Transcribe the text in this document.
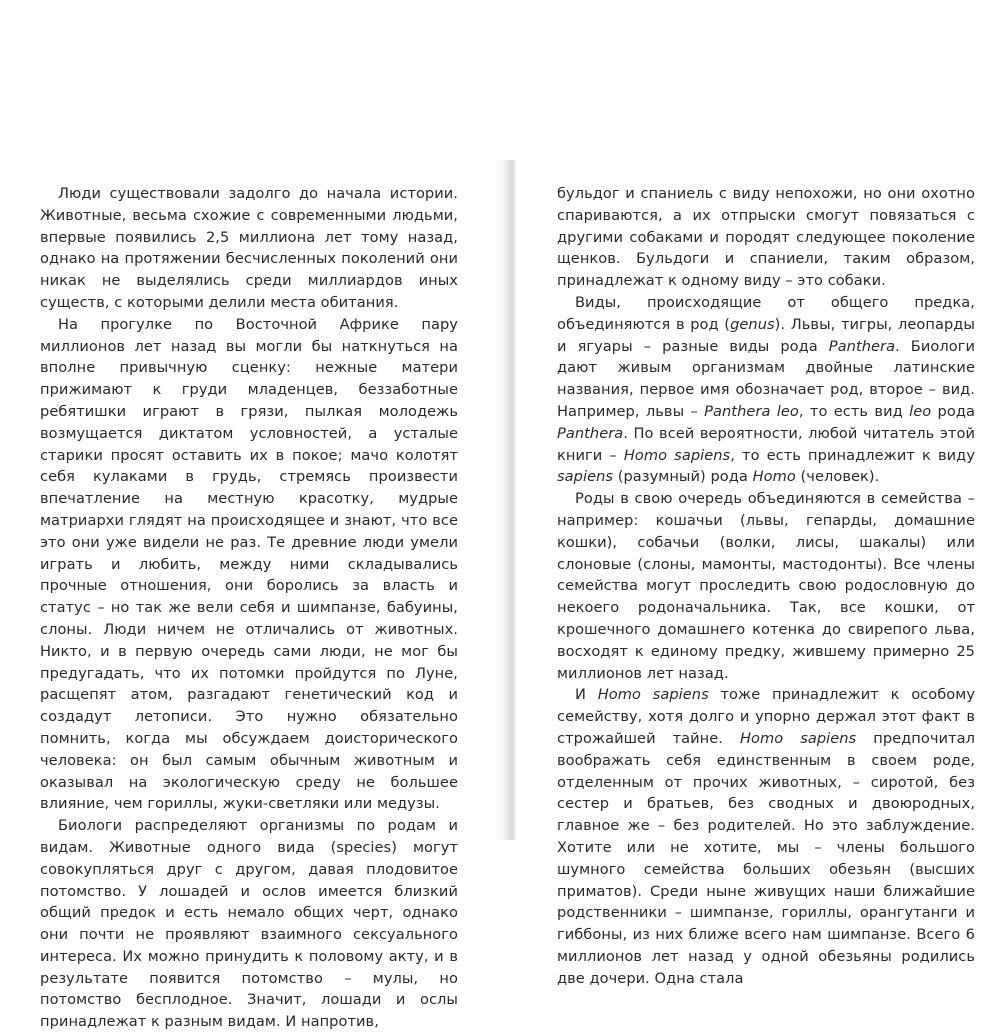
Люди существовали задолго до начала истории. Животные, весьма схожие с современными людьми, впервые появились 2,5 миллиона лет тому назад, однако на протяжении бесчисленных поколений они никак не выделялись среди миллиардов иных существ, с которыми делили места обитания.

На прогулке по Восточной Африке пару миллионов лет назад вы могли бы наткнуться на вполне привычную сценку: нежные матери прижимают к груди младенцев, беззаботные ребятишки играют в грязи, пылкая молодежь возмущается диктатом условностей, а усталые старики просят оставить их в покое; мачо колотят себя кулаками в грудь, стремясь произвести впечатление на местную красотку, мудрые матриархи глядят на происходящее и знают, что все это они уже видели не раз. Те древние люди умели играть и любить, между ними складывались прочные отношения, они боролись за власть и статус – но так же вели себя и шимпанзе, бабуины, слоны. Люди ничем не отличались от животных. Никто, и в первую очередь сами люди, не мог бы предугадать, что их потомки пройдутся по Луне, расщепят атом, разгадают генетический код и создадут летописи. Это нужно обязательно помнить, когда мы обсуждаем доисторического человека: он был самым обычным животным и оказывал на экологическую среду не большее влияние, чем гориллы, жуки-светляки или медузы.

Биологи распределяют организмы по родам и видам. Животные одного вида (species) могут совокупляться друг с другом, давая плодовитое потомство. У лошадей и ослов имеется близкий общий предок и есть немало общих черт, однако они почти не проявляют взаимного сексуального интереса. Их можно принудить к половому акту, и в результате появится потомство – мулы, но потомство бесплодное. Значит, лошади и ослы принадлежат к разным видам. И напротив,

бульдог и спаниель с виду непохожи, но они охотно спариваются, а их отпрыски смогут повязаться с другими собаками и породят следующее поколение щенков. Бульдоги и спаниели, таким образом, принадлежат к одному виду – это собаки.

Виды, происходящие от общего предка, объединяются в род (genus). Львы, тигры, леопарды и ягуары – разные виды рода Panthera. Биологи дают живым организмам двойные латинские названия, первое имя обозначает род, второе – вид. Например, львы – Panthera leo, то есть вид leo рода Panthera. По всей вероятности, любой читатель этой книги – Homo sapiens, то есть принадлежит к виду sapiens (разумный) рода Homo (человек).

Роды в свою очередь объединяются в семейства – например: кошачьи (львы, гепарды, домашние кошки), собачьи (волки, лисы, шакалы) или слоновые (слоны, мамонты, мастодонты). Все члены семейства могут проследить свою родословную до некоего родоначальника. Так, все кошки, от крошечного домашнего котенка до свирепого льва, восходят к единому предку, жившему примерно 25 миллионов лет назад.

И Homo sapiens тоже принадлежит к особому семейству, хотя долго и упорно держал этот факт в строжайшей тайне. Homo sapiens предпочитал воображать себя единственным в своем роде, отделенным от прочих животных, – сиротой, без сестер и братьев, без сводных и двоюродных, главное же – без родителей. Но это заблуждение. Хотите или не хотите, мы – члены большого шумного семейства больших обезьян (высших приматов). Среди ныне живущих наши ближайшие родственники – шимпанзе, гориллы, орангутанги и гиббоны, из них ближе всего нам шимпанзе. Всего 6 миллионов лет назад у одной обезьяны родились две дочери. Одна стала
